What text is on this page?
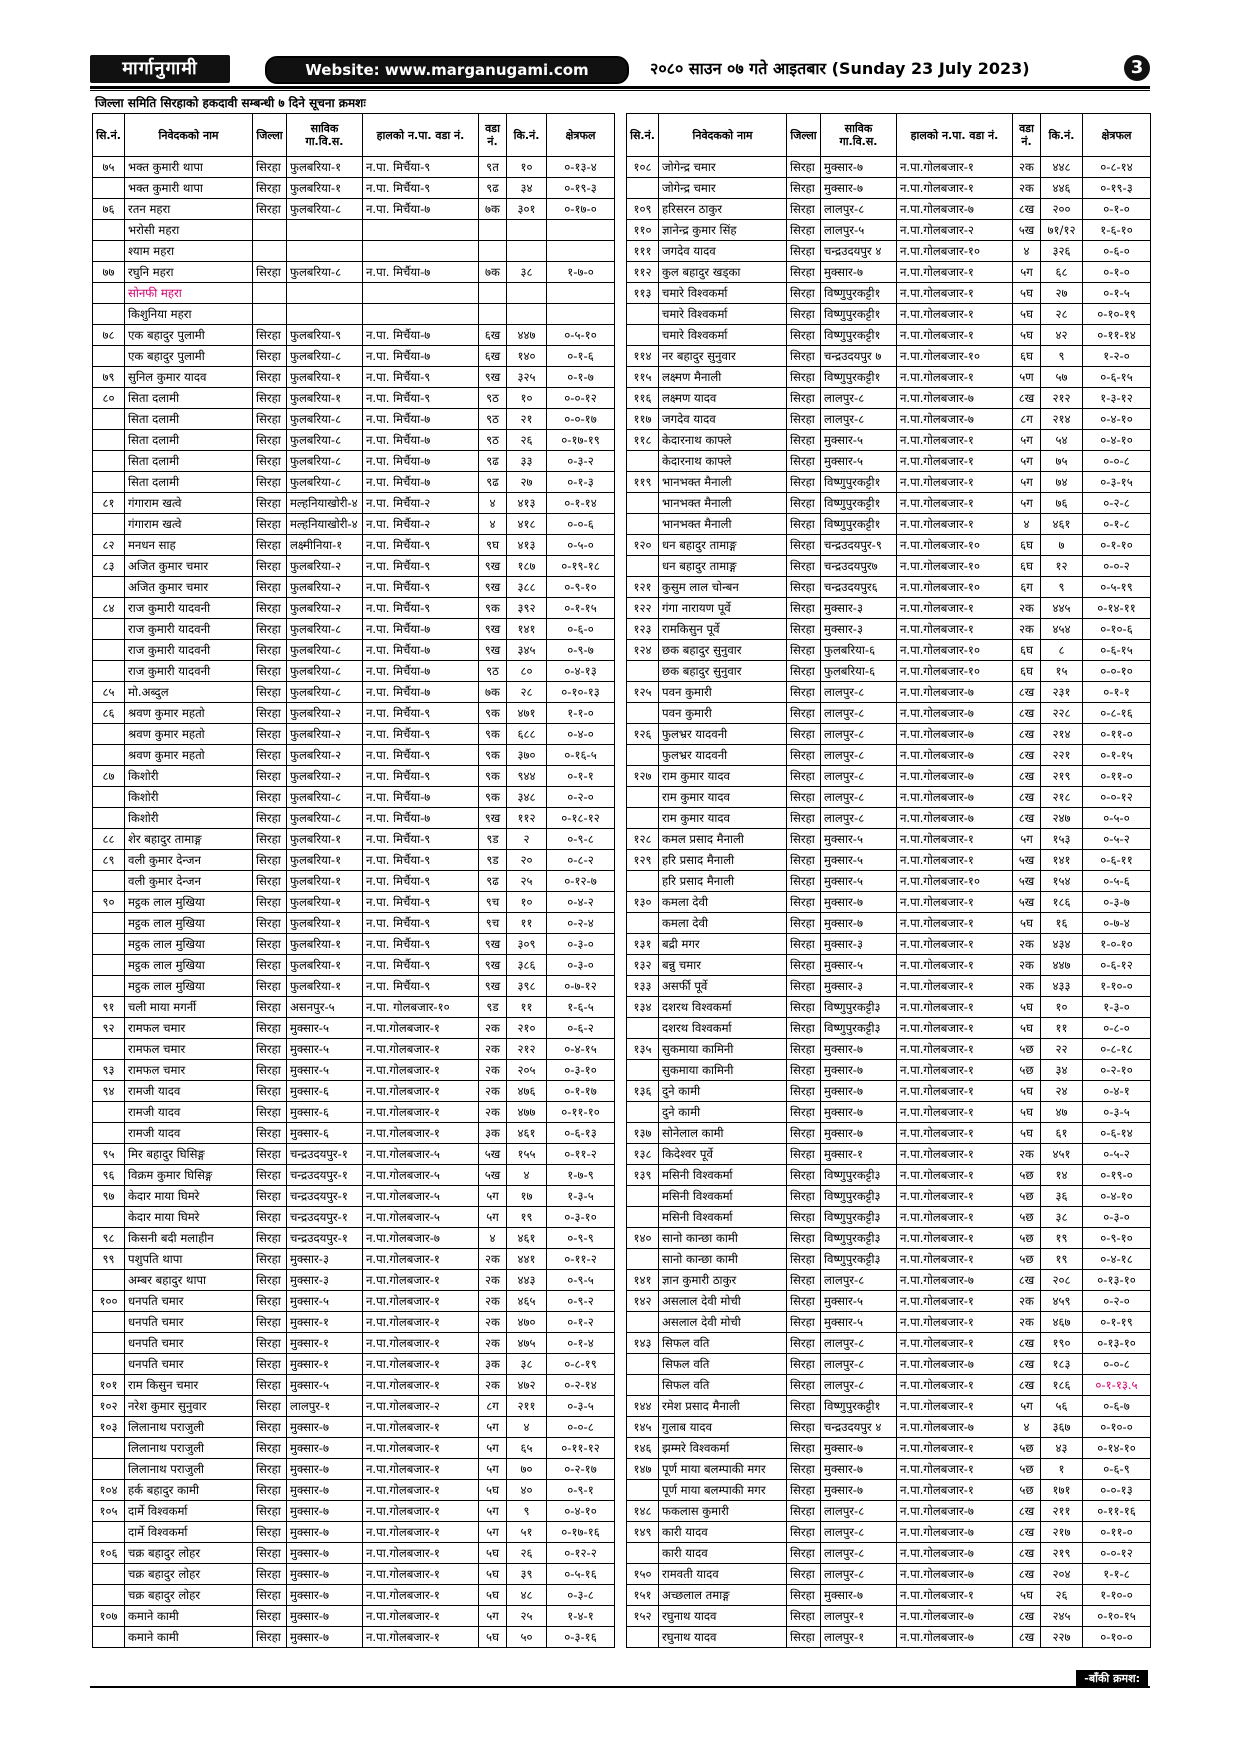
मार्गानुगामी	Website: www.marganugami.com	२०८० साउन ०७ गते आइतबार (Sunday 23 July 2023)	3
जिल्ला समिति सिरहाको हकदावी सम्बन्धी ७ दिने सूचना क्रमशः
सि.नं.	निवेदकको नाम	जिल्ला	साविक गा.वि.स.	हालको न.पा. वडा नं.	वडा नं.	कि.नं.	क्षेत्रफल
७५	भक्त कुमारी थापा	सिरहा	फुलबरिया-१	न.पा. मिर्चैया-९	९त	१०	०-१३-४
	भक्त कुमारी थापा	सिरहा	फुलबरिया-१	न.पा. मिर्चैया-९	९ढ	३४	०-१९-३
७६	रतन महरा	सिरहा	फुलबरिया-८	न.पा. मिर्चैया-७	७क	३०१	०-१७-०
	भरोसी महरा						
	श्याम महरा						
७७	रघुनि महरा	सिरहा	फुलबरिया-८	न.पा. मिर्चैया-७	७क	३८	१-७-०
	सोनफी महरा						
	किशुनिया महरा						
७८	एक बहादुर पुलामी	सिरहा	फुलबरिया-९	न.पा. मिर्चैया-७	६ख	४४७	०-५-१०
	एक बहादुर पुलामी	सिरहा	फुलबरिया-८	न.पा. मिर्चैया-७	६ख	१४०	०-१-६
७९	सुनिल कुमार यादव	सिरहा	फुलबरिया-१	न.पा. मिर्चैया-९	९ख	३२५	०-१-७
८०	सिता दलामी	सिरहा	फुलबरिया-१	न.पा. मिर्चैया-९	९ठ	१०	०-०-१२
	सिता दलामी	सिरहा	फुलबरिया-८	न.पा. मिर्चैया-७	९ठ	२१	०-०-१७
	सिता दलामी	सिरहा	फुलबरिया-८	न.पा. मिर्चैया-७	९ठ	२६	०-१७-१९
	सिता दलामी	सिरहा	फुलबरिया-८	न.पा. मिर्चैया-७	९ढ	३३	०-३-२
	सिता दलामी	सिरहा	फुलबरिया-८	न.पा. मिर्चैया-७	९ढ	२७	०-१-३
८१	गंगाराम खत्वे	सिरहा	मल्हनियाखोरी-४	न.पा. मिर्चैया-२	४	४१३	०-१-१४
	गंगाराम खत्वे	सिरहा	मल्हनियाखोरी-४	न.पा. मिर्चैया-२	४	४१८	०-०-६
८२	मनधन साह	सिरहा	लक्ष्मीनिया-१	न.पा. मिर्चैया-९	९घ	४१३	०-५-०
८३	अजित कुमार चमार	सिरहा	फुलबरिया-२	न.पा. मिर्चैया-९	९ख	१८७	०-१९-१८
	अजित कुमार चमार	सिरहा	फुलबरिया-२	न.पा. मिर्चैया-९	९ख	३८८	०-९-१०
८४	राज कुमारी यादवनी	सिरहा	फुलबरिया-२	न.पा. मिर्चैया-९	९क	३९२	०-१-१५
	राज कुमारी यादवनी	सिरहा	फुलबरिया-८	न.पा. मिर्चैया-७	९ख	१४१	०-६-०
	राज कुमारी यादवनी	सिरहा	फुलबरिया-८	न.पा. मिर्चैया-७	९ख	३४५	०-९-७
	राज कुमारी यादवनी	सिरहा	फुलबरिया-८	न.पा. मिर्चैया-७	९ठ	८०	०-४-१३
८५	मो.अब्दुल	सिरहा	फुलबरिया-८	न.पा. मिर्चैया-७	७क	२८	०-१०-१३
८६	श्रवण कुमार महतो	सिरहा	फुलबरिया-२	न.पा. मिर्चैया-९	९क	४७१	१-१-०
	श्रवण कुमार महतो	सिरहा	फुलबरिया-२	न.पा. मिर्चैया-९	९क	६८८	०-४-०
	श्रवण कुमार महतो	सिरहा	फुलबरिया-२	न.पा. मिर्चैया-९	९क	३७०	०-१६-५
८७	किशोरी	सिरहा	फुलबरिया-२	न.पा. मिर्चैया-९	९क	९४४	०-१-१
	किशोरी	सिरहा	फुलबरिया-८	न.पा. मिर्चैया-७	९क	३४८	०-२-०
	किशोरी	सिरहा	फुलबरिया-८	न.पा. मिर्चैया-७	९ख	११२	०-१८-१२
८८	शेर बहादुर तामाङ्ग	सिरहा	फुलबरिया-१	न.पा. मिर्चैया-९	९ड	२	०-९-८
८९	वली कुमार देन्जन	सिरहा	फुलबरिया-१	न.पा. मिर्चैया-९	९ड	२०	०-८-२
	वली कुमार देन्जन	सिरहा	फुलबरिया-१	न.पा. मिर्चैया-९	९ढ	२५	०-१२-७
९०	मट्ठक लाल मुखिया	सिरहा	फुलबरिया-१	न.पा. मिर्चैया-९	९च	१०	०-४-२
	मट्ठक लाल मुखिया	सिरहा	फुलबरिया-१	न.पा. मिर्चैया-९	९च	११	०-२-४
	मट्ठक लाल मुखिया	सिरहा	फुलबरिया-१	न.पा. मिर्चैया-९	९ख	३०९	०-३-०
	मट्ठक लाल मुखिया	सिरहा	फुलबरिया-१	न.पा. मिर्चैया-९	९ख	३८६	०-३-०
	मट्ठक लाल मुखिया	सिरहा	फुलबरिया-१	न.पा. मिर्चैया-९	९ख	३९८	०-७-१२
९१	चली माया मगर्नी	सिरहा	असनपुर-५	न.पा. गोलबजार-१०	९ड	११	१-६-५
९२	रामफल चमार	सिरहा	मुक्सार-५	न.पा.गोलबजार-१	२क	२१०	०-६-२
	रामफल चमार	सिरहा	मुक्सार-५	न.पा.गोलबजार-१	२क	२१२	०-४-१५
९३	रामफल चमार	सिरहा	मुक्सार-५	न.पा.गोलबजार-१	२क	२०५	०-३-१०
९४	रामजी यादव	सिरहा	मुक्सार-६	न.पा.गोलबजार-१	२क	४७६	०-१-१७
	रामजी यादव	सिरहा	मुक्सार-६	न.पा.गोलबजार-१	२क	४७७	०-११-१०
	रामजी यादव	सिरहा	मुक्सार-६	न.पा.गोलबजार-१	३क	४६१	०-६-१३
९५	मिर बहादुर घिसिङ्ग	सिरहा	चन्द्रउदयपुर-१	न.पा.गोलबजार-५	५ख	१५५	०-११-२
९६	विक्रम कुमार घिसिङ्ग	सिरहा	चन्द्रउदयपुर-१	न.पा.गोलबजार-५	५ख	४	१-७-९
९७	केदार माया घिमरे	सिरहा	चन्द्रउदयपुर-१	न.पा.गोलबजार-५	५ग	१७	१-३-५
	केदार माया घिमरे	सिरहा	चन्द्रउदयपुर-१	न.पा.गोलबजार-५	५ग	१९	०-३-१०
९८	किसनी बदी मलाहीन	सिरहा	चन्द्रउदयपुर-१	न.पा.गोलबजार-७	४	४६१	०-९-९
९९	पशुपति थापा	सिरहा	मुक्सार-३	न.पा.गोलबजार-१	२क	४४१	०-११-२
	अम्बर बहादुर थापा	सिरहा	मुक्सार-३	न.पा.गोलबजार-१	२क	४४३	०-९-५
१००	धनपति चमार	सिरहा	मुक्सार-५	न.पा.गोलबजार-१	२क	४६५	०-९-२
	धनपति चमार	सिरहा	मुक्सार-१	न.पा.गोलबजार-१	२क	४७०	०-१-२
	धनपति चमार	सिरहा	मुक्सार-१	न.पा.गोलबजार-१	२क	४७५	०-१-४
	धनपति चमार	सिरहा	मुक्सार-१	न.पा.गोलबजार-१	३क	३८	०-८-१९
१०१	राम किसुन चमार	सिरहा	मुक्सार-५	न.पा.गोलबजार-१	२क	४७२	०-२-१४
१०२	नरेश कुमार सुनुवार	सिरहा	लालपुर-१	न.पा.गोलबजार-२	८ग	२११	०-३-५
१०३	लिलानाथ पराजुली	सिरहा	मुक्सार-७	न.पा.गोलबजार-१	५ग	४	०-०-८
	लिलानाथ पराजुली	सिरहा	मुक्सार-७	न.पा.गोलबजार-१	५ग	६५	०-११-१२
	लिलानाथ पराजुली	सिरहा	मुक्सार-७	न.पा.गोलबजार-१	५ग	७०	०-२-१७
१०४	हर्क बहादुर कामी	सिरहा	मुक्सार-७	न.पा.गोलबजार-१	५घ	४०	०-९-१
१०५	दार्मे विश्वकर्मा	सिरहा	मुक्सार-७	न.पा.गोलबजार-१	५ग	९	०-४-१०
	दार्मे विश्वकर्मा	सिरहा	मुक्सार-७	न.पा.गोलबजार-१	५ग	५१	०-१७-१६
१०६	चक्र बहादुर लोहर	सिरहा	मुक्सार-७	न.पा.गोलबजार-१	५घ	२६	०-१२-२
	चक्र बहादुर लोहर	सिरहा	मुक्सार-७	न.पा.गोलबजार-१	५घ	३९	०-५-१६
	चक्र बहादुर लोहर	सिरहा	मुक्सार-७	न.पा.गोलबजार-१	५घ	४८	०-३-८
१०७	कमाने कामी	सिरहा	मुक्सार-७	न.पा.गोलबजार-१	५ग	२५	१-४-१
	कमाने कामी	सिरहा	मुक्सार-७	न.पा.गोलबजार-१	५घ	५०	०-३-१६
सि.नं.	निवेदकको नाम	जिल्ला	साविक गा.वि.स.	हालको न.पा. वडा नं.	वडा नं.	कि.नं.	क्षेत्रफल
१०८	जोगेन्द्र चमार	सिरहा	मुक्सार-७	न.पा.गोलबजार-१	२क	४४८	०-८-१४
	जोगेन्द्र चमार	सिरहा	मुक्सार-७	न.पा.गोलबजार-१	२क	४४६	०-१९-३
१०९	हरिसरन ठाकुर	सिरहा	लालपुर-८	न.पा.गोलबजार-७	८ख	२००	०-१-०
११०	ज्ञानेन्द्र कुमार सिंह	सिरहा	लालपुर-५	न.पा.गोलबजार-२	५ख	७१/१२	१-६-१०
१११	जगदेव यादव	सिरहा	चन्द्रउदयपुर ४	न.पा.गोलबजार-१०	४	३२६	०-६-०
११२	कुल बहादुर खड्का	सिरहा	मुक्सार-७	न.पा.गोलबजार-१	५ग	६८	०-१-०
११३	चमारे विश्वकर्मा	सिरहा	विष्णुपुरकट्टी१	न.पा.गोलबजार-१	५घ	२७	०-१-५
	चमारे विश्वकर्मा	सिरहा	विष्णुपुरकट्टी१	न.पा.गोलबजार-१	५घ	२८	०-१०-१९
	चमारे विश्वकर्मा	सिरहा	विष्णुपुरकट्टी१	न.पा.गोलबजार-१	५घ	४२	०-११-१४
११४	नर बहादुर सुनुवार	सिरहा	चन्द्रउदयपुर ७	न.पा.गोलबजार-१०	६घ	९	१-२-०
११५	लक्ष्मण मैनाली	सिरहा	विष्णुपुरकट्टी१	न.पा.गोलबजार-१	५ण	५७	०-६-१५
११६	लक्ष्मण यादव	सिरहा	लालपुर-८	न.पा.गोलबजार-७	८ख	२१२	१-३-१२
११७	जगदेव यादव	सिरहा	लालपुर-८	न.पा.गोलबजार-७	८ग	२१४	०-४-१०
११८	केदारनाथ काफ्ले	सिरहा	मुक्सार-५	न.पा.गोलबजार-१	५ग	५४	०-४-१०
	केदारनाथ काफ्ले	सिरहा	मुक्सार-५	न.पा.गोलबजार-१	५ग	७५	०-०-८
११९	भानभक्त मैनाली	सिरहा	विष्णुपुरकट्टी१	न.पा.गोलबजार-१	५ग	७४	०-३-१५
	भानभक्त मैनाली	सिरहा	विष्णुपुरकट्टी१	न.पा.गोलबजार-१	५ग	७६	०-२-८
	भानभक्त मैनाली	सिरहा	विष्णुपुरकट्टी१	न.पा.गोलबजार-१	४	४६१	०-१-८
१२०	धन बहादुर तामाङ्ग	सिरहा	चन्द्रउदयपुर-९	न.पा.गोलबजार-१०	६घ	७	०-१-१०
	धन बहादुर तामाङ्ग	सिरहा	चन्द्रउदयपुर७	न.पा.गोलबजार-१०	६घ	१२	०-०-२
१२१	कुसुम लाल चोन्बन	सिरहा	चन्द्रउदयपुर६	न.पा.गोलबजार-१०	६ग	९	०-५-१९
१२२	गंगा नारायण पूर्वे	सिरहा	मुक्सार-३	न.पा.गोलबजार-१	२क	४४५	०-१४-११
१२३	रामकिसुन पूर्वे	सिरहा	मुक्सार-३	न.पा.गोलबजार-१	२क	४५४	०-१०-६
१२४	छक बहादुर सुनुवार	सिरहा	फुलबरिया-६	न.पा.गोलबजार-१०	६घ	८	०-६-१५
	छक बहादुर सुनुवार	सिरहा	फुलबरिया-६	न.पा.गोलबजार-१०	६घ	१५	०-०-१०
१२५	पवन कुमारी	सिरहा	लालपुर-८	न.पा.गोलबजार-७	८ख	२३१	०-१-१
	पवन कुमारी	सिरहा	लालपुर-८	न.पा.गोलबजार-७	८ख	२२८	०-८-१६
१२६	फुलभ्रर यादवनी	सिरहा	लालपुर-८	न.पा.गोलबजार-७	८ख	२१४	०-११-०
	फुलभ्रर यादवनी	सिरहा	लालपुर-८	न.पा.गोलबजार-७	८ख	२२१	०-१-१५
१२७	राम कुमार यादव	सिरहा	लालपुर-८	न.पा.गोलबजार-७	८ख	२१९	०-११-०
	राम कुमार यादव	सिरहा	लालपुर-८	न.पा.गोलबजार-७	८ख	२१८	०-०-१२
	राम कुमार यादव	सिरहा	लालपुर-८	न.पा.गोलबजार-७	८ख	२४७	०-५-०
१२८	कमल प्रसाद मैनाली	सिरहा	मुक्सार-५	न.पा.गोलबजार-१	५ग	१५३	०-५-२
१२९	हरि प्रसाद मैनाली	सिरहा	मुक्सार-५	न.पा.गोलबजार-१	५ख	१४१	०-६-११
	हरि प्रसाद मैनाली	सिरहा	मुक्सार-५	न.पा.गोलबजार-१०	५ख	१५४	०-५-६
१३०	कमला देवी	सिरहा	मुक्सार-७	न.पा.गोलबजार-१	५ख	१८६	०-३-७
	कमला देवी	सिरहा	मुक्सार-७	न.पा.गोलबजार-१	५घ	१६	०-७-४
१३१	बद्री मगर	सिरहा	मुक्सार-३	न.पा.गोलबजार-१	२क	४३४	१-०-१०
१३२	बन्नु चमार	सिरहा	मुक्सार-५	न.पा.गोलबजार-१	२क	४४७	०-६-१२
१३३	असर्फी पूर्वे	सिरहा	मुक्सार-३	न.पा.गोलबजार-१	२क	४३३	१-१०-०
१३४	दशरथ विश्वकर्मा	सिरहा	विष्णुपुरकट्टी३	न.पा.गोलबजार-१	५घ	१०	१-३-०
	दशरथ विश्वकर्मा	सिरहा	विष्णुपुरकट्टी३	न.पा.गोलबजार-१	५घ	११	०-८-०
१३५	सुकमाया कामिनी	सिरहा	मुक्सार-७	न.पा.गोलबजार-१	५छ	२२	०-८-१८
	सुकमाया कामिनी	सिरहा	मुक्सार-७	न.पा.गोलबजार-१	५छ	३४	०-२-१०
१३६	दुने कामी	सिरहा	मुक्सार-७	न.पा.गोलबजार-१	५घ	२४	०-४-१
	दुने कामी	सिरहा	मुक्सार-७	न.पा.गोलबजार-१	५घ	४७	०-३-५
१३७	सोनेलाल कामी	सिरहा	मुक्सार-७	न.पा.गोलबजार-१	५घ	६१	०-६-१४
१३८	किदेश्वर पूर्वे	सिरहा	मुक्सार-१	न.पा.गोलबजार-१	२क	४५१	०-५-२
१३९	मसिनी विश्वकर्मा	सिरहा	विष्णुपुरकट्टी३	न.पा.गोलबजार-१	५छ	१४	०-१९-०
	मसिनी विश्वकर्मा	सिरहा	विष्णुपुरकट्टी३	न.पा.गोलबजार-१	५छ	३६	०-४-१०
	मसिनी विश्वकर्मा	सिरहा	विष्णुपुरकट्टी३	न.पा.गोलबजार-१	५छ	३८	०-३-०
१४०	सानो कान्छा कामी	सिरहा	विष्णुपुरकट्टी३	न.पा.गोलबजार-१	५छ	१९	०-९-१०
	सानो कान्छा कामी	सिरहा	विष्णुपुरकट्टी३	न.पा.गोलबजार-१	५छ	१९	०-४-१८
१४१	ज्ञान कुमारी ठाकुर	सिरहा	लालपुर-८	न.पा.गोलबजार-७	८ख	२०८	०-१३-१०
१४२	असलाल देवी मोची	सिरहा	मुक्सार-५	न.पा.गोलबजार-१	२क	४५९	०-२-०
	असलाल देवी मोची	सिरहा	मुक्सार-५	न.पा.गोलबजार-१	२क	४६७	०-१-१९
१४३	सिफल वति	सिरहा	लालपुर-८	न.पा.गोलबजार-१	८ख	१९०	०-१३-१०
	सिफल वति	सिरहा	लालपुर-८	न.पा.गोलबजार-७	८ख	१८३	०-०-८
	सिफल वति	सिरहा	लालपुर-८	न.पा.गोलबजार-१	८ख	१८६	०-१-१३.५
१४४	रमेश प्रसाद मैनाली	सिरहा	विष्णुपुरकट्टी१	न.पा.गोलबजार-१	५ग	५६	०-६-७
१४५	गुलाब यादव	सिरहा	चन्द्रउदयपुर ४	न.पा.गोलबजार-७	४	३६७	०-१०-०
१४६	झम्मरे विश्वकर्मा	सिरहा	मुक्सार-७	न.पा.गोलबजार-१	५छ	४३	०-१४-१०
१४७	पूर्ण माया बलम्पाकी मगर	सिरहा	मुक्सार-७	न.पा.गोलबजार-१	५छ	१	०-६-९
	पूर्ण माया बलम्पाकी मगर	सिरहा	मुक्सार-७	न.पा.गोलबजार-१	५छ	१७१	०-०-१३
१४८	फकलास कुमारी	सिरहा	लालपुर-८	न.पा.गोलबजार-७	८ख	२११	०-११-१६
१४९	कारी यादव	सिरहा	लालपुर-८	न.पा.गोलबजार-७	८ख	२१७	०-११-०
	कारी यादव	सिरहा	लालपुर-८	न.पा.गोलबजार-७	८ख	२१९	०-०-१२
१५०	रामवती यादव	सिरहा	लालपुर-८	न.पा.गोलबजार-७	८ख	२०४	१-१-८
१५१	अच्छलाल तमाङ्ग	सिरहा	मुक्सार-७	न.पा.गोलबजार-१	५घ	२६	१-१०-०
१५२	रघुनाथ यादव	सिरहा	लालपुर-१	न.पा.गोलबजार-७	८ख	२४५	०-१०-१५
	रघुनाथ यादव	सिरहा	लालपुर-१	न.पा.गोलबजार-७	८ख	२२७	०-१०-०
-बाँकी क्रमश:
